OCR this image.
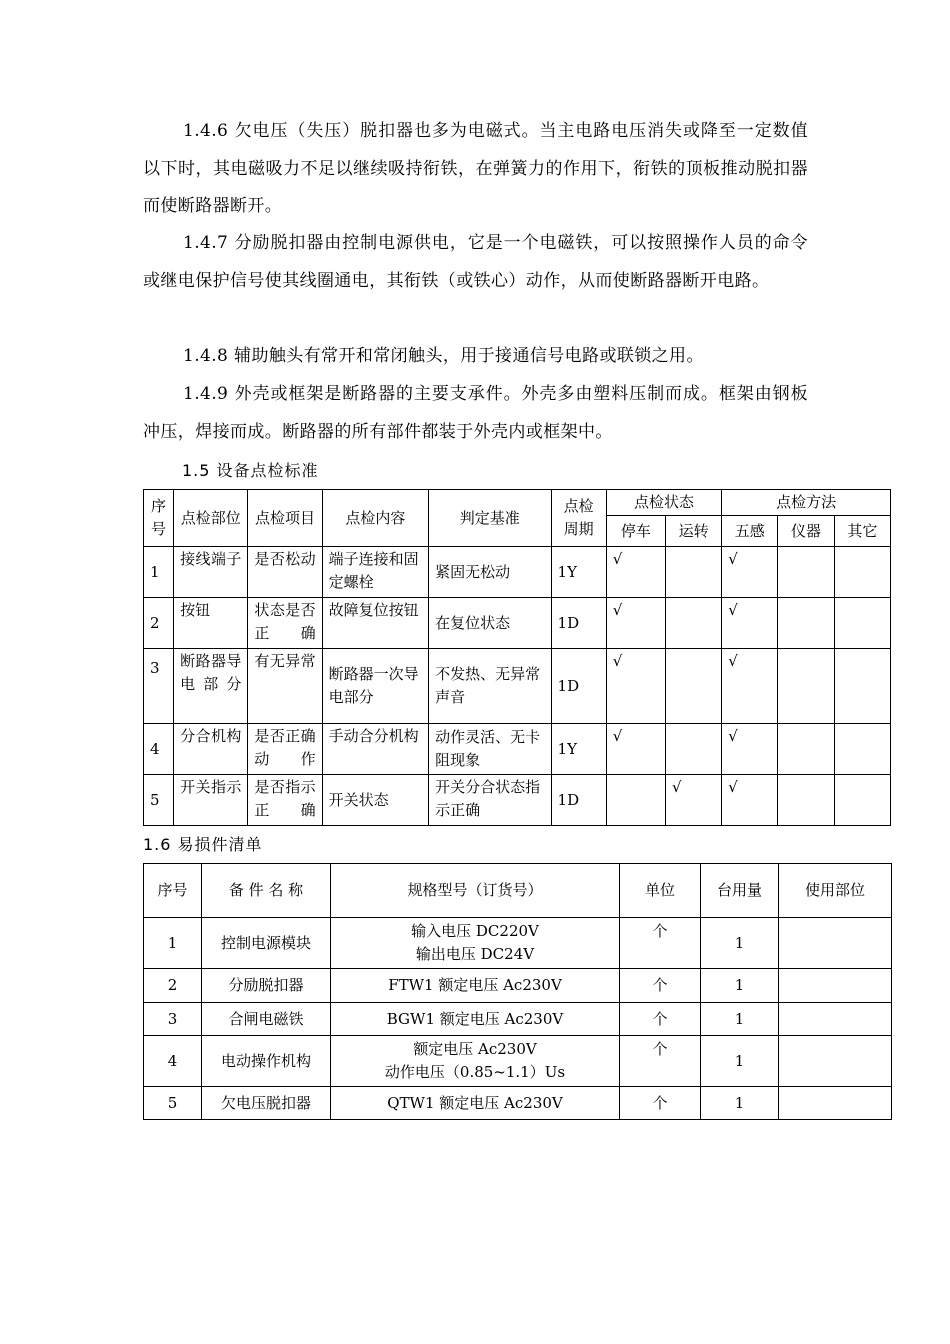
1.4.6 欠电压（失压）脱扣器也多为电磁式。当主电路电压消失或降至一定数值以下时，其电磁吸力不足以继续吸持衔铁，在弹簧力的作用下，衔铁的顶板推动脱扣器而使断路器断开。

1.4.7 分励脱扣器由控制电源供电，它是一个电磁铁，可以按照操作人员的命令或继电保护信号使其线圈通电，其衔铁（或铁心）动作，从而使断路器断开电路。

1.4.8 辅助触头有常开和常闭触头，用于接通信号电路或联锁之用。

1.4.9 外壳或框架是断路器的主要支承件。外壳多由塑料压制而成。框架由钢板冲压，焊接而成。断路器的所有部件都装于外壳内或框架中。

1.5 设备点检标准
序号	点检部位	点检项目	点检内容	判定基准	点检周期	点检状态		点检方法		
						停车	运转	五感	仪器	其它
1	接线端子	是否松动	端子连接和固定螺栓	紧固无松动	1Y	√		√		
2	按钮	状态是否正确	故障复位按钮	在复位状态	1D	√		√		
3	断路器导电部分	有无异常	断路器一次导电部分	不发热、无异常声音	1D	√		√		
4	分合机构	是否正确动作	手动合分机构	动作灵活、无卡阻现象	1Y	√		√		
5	开关指示	是否指示正确	开关状态	开关分合状态指示正确	1D		√	√		
1.6 易损件清单
序号	备 件 名 称	规格型号（订货号）	单位	台用量	使用部位
1	控制电源模块	输入电压 DC220V
输出电压 DC24V	个	1	
2	分励脱扣器	FTW1 额定电压 Ac230V	个	1	
3	合闸电磁铁	BGW1 额定电压 Ac230V	个	1	
4	电动操作机构	额定电压 Ac230V
动作电压（0.85~1.1）Us	个	1	
5	欠电压脱扣器	QTW1 额定电压 Ac230V	个	1	
